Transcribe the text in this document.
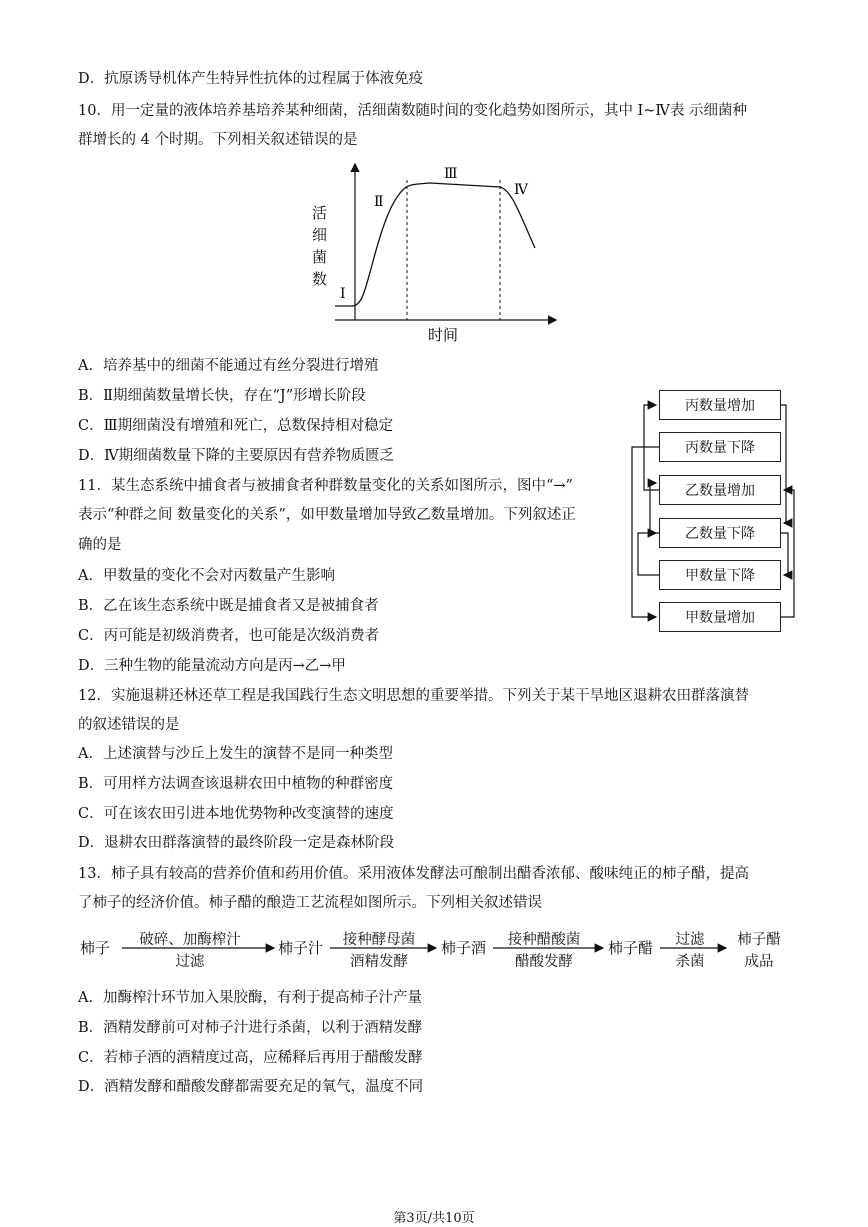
D．抗原诱导机体产生特异性抗体的过程属于体液免疫
10．用一定量的液体培养基培养某种细菌，活细菌数随时间的变化趋势如图所示，其中 Ⅰ~Ⅳ表 示细菌种
群增长的 4 个时期。下列相关叙述错误的是
Ⅰ
Ⅱ
Ⅲ
Ⅳ
时间
活
细
菌
数
A．培养基中的细菌不能通过有丝分裂进行增殖
B．Ⅱ期细菌数量增长快，存在“J”形增长阶段
C．Ⅲ期细菌没有增殖和死亡，总数保持相对稳定
D．Ⅳ期细菌数量下降的主要原因有营养物质匮乏
丙数量增加
丙数量下降
乙数量增加
乙数量下降
甲数量下降
甲数量增加
11．某生态系统中捕食者与被捕食者种群数量变化的关系如图所示，图中“→”
表示“种群之间 数量变化的关系”，如甲数量增加导致乙数量增加。下列叙述正
确的是
A．甲数量的变化不会对丙数量产生影响
B．乙在该生态系统中既是捕食者又是被捕食者
C．丙可能是初级消费者，也可能是次级消费者
D．三种生物的能量流动方向是丙→乙→甲
12．实施退耕还林还草工程是我国践行生态文明思想的重要举措。下列关于某干旱地区退耕农田群落演替
的叙述错误的是
A．上述演替与沙丘上发生的演替不是同一种类型
B．可用样方法调查该退耕农田中植物的种群密度
C．可在该农田引进本地优势物种改变演替的速度
D．退耕农田群落演替的最终阶段一定是森林阶段
13．柿子具有较高的营养价值和药用价值。采用液体发酵法可酿制出醋香浓郁、酸味纯正的柿子醋，提高
了柿子的经济价值。柿子醋的酿造工艺流程如图所示。下列相关叙述错误
柿子	破碎、加酶榨汁
过滤
柿子汁	接种酵母菌
酒精发酵
柿子酒	接种醋酸菌
醋酸发酵
柿子醋	过滤
杀菌
柿子醋
成品
A．加酶榨汁环节加入果胶酶，有利于提高柿子汁产量
B．酒精发酵前可对柿子汁进行杀菌，以利于酒精发酵
C．若柿子酒的酒精度过高，应稀释后再用于醋酸发酵
D．酒精发酵和醋酸发酵都需要充足的氧气，温度不同
第3页/共10页
